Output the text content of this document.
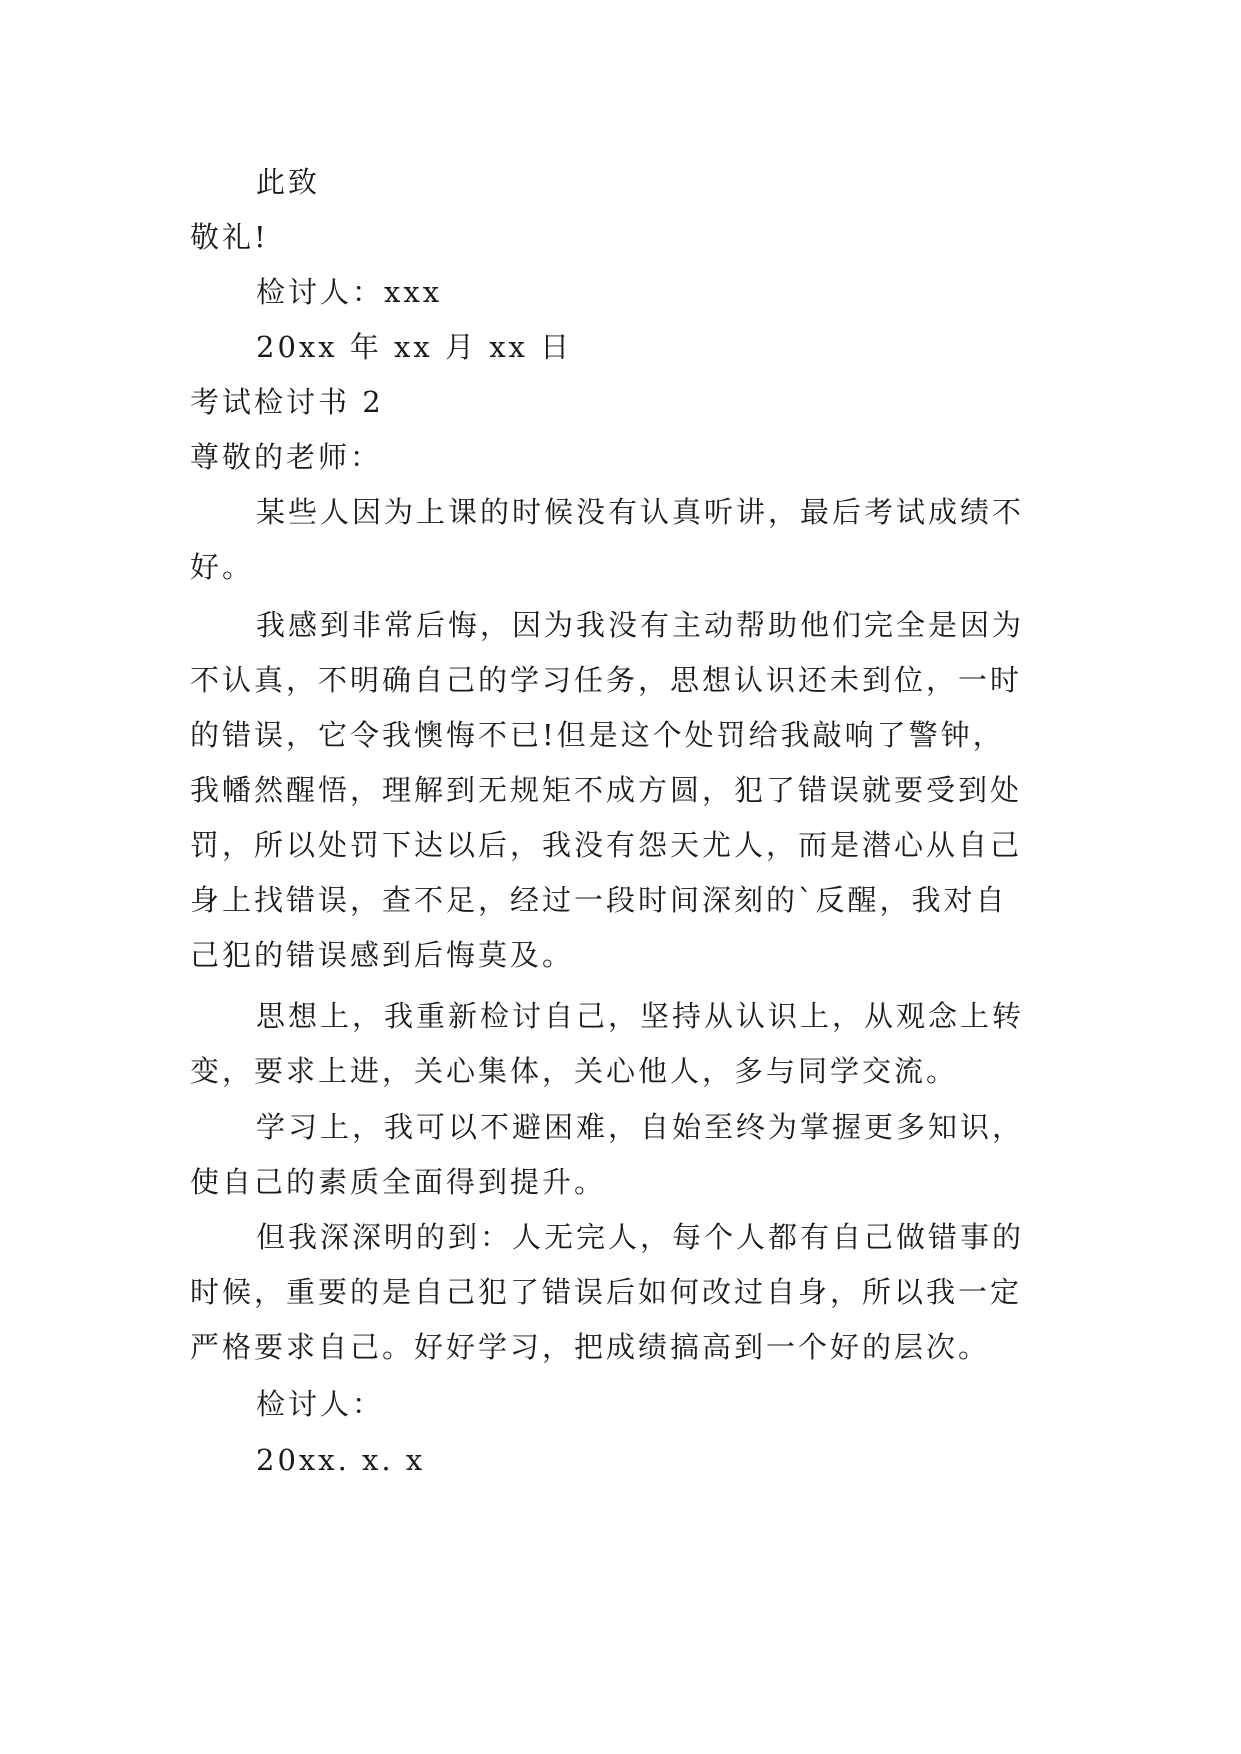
此致
敬礼!
检讨人：xxx
20xx 年 xx 月 xx 日
考试检讨书 2
尊敬的老师：
某些人因为上课的时候没有认真听讲，最后考试成绩不
好。
我感到非常后悔，因为我没有主动帮助他们完全是因为
不认真，不明确自己的学习任务，思想认识还未到位，一时
的错误，它令我懊悔不已!但是这个处罚给我敲响了警钟，
我幡然醒悟，理解到无规矩不成方圆，犯了错误就要受到处
罚，所以处罚下达以后，我没有怨天尤人，而是潜心从自己
身上找错误，查不足，经过一段时间深刻的`反醒，我对自
己犯的错误感到后悔莫及。
思想上，我重新检讨自己，坚持从认识上，从观念上转
变，要求上进，关心集体，关心他人，多与同学交流。
学习上，我可以不避困难，自始至终为掌握更多知识，
使自己的素质全面得到提升。
但我深深明的到：人无完人，每个人都有自己做错事的
时候，重要的是自己犯了错误后如何改过自身，所以我一定
严格要求自己。好好学习，把成绩搞高到一个好的层次。
检讨人：
20xx. x. x
